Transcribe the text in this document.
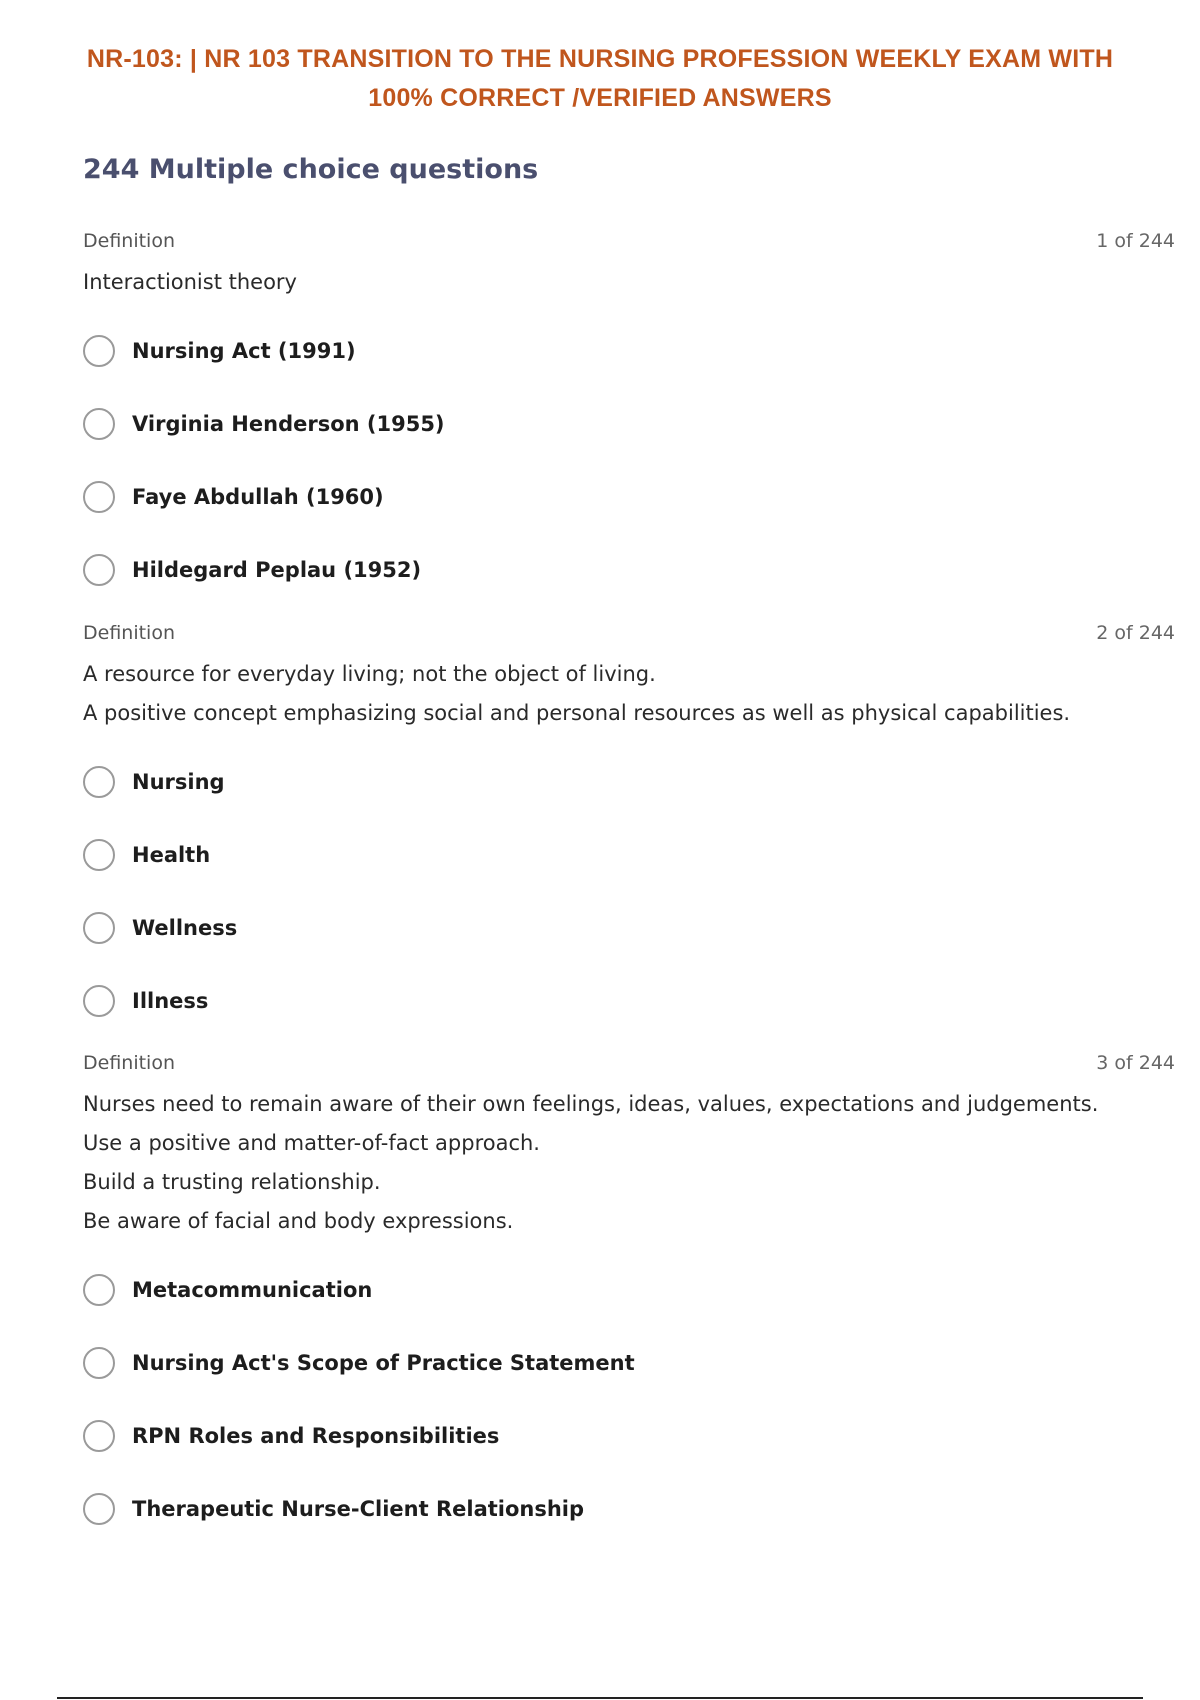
NR-103: | NR 103 TRANSITION TO THE NURSING PROFESSION WEEKLY EXAM WITH
100% CORRECT /VERIFIED ANSWERS
244 Multiple choice questions
Definition	1 of 244
Interactionist theory
Nursing Act (1991)
Virginia Henderson (1955)
Faye Abdullah (1960)
Hildegard Peplau (1952)
Definition	2 of 244
A resource for everyday living; not the object of living.
A positive concept emphasizing social and personal resources as well as physical capabilities.
Nursing
Health
Wellness
Illness
Definition	3 of 244
Nurses need to remain aware of their own feelings, ideas, values, expectations and judgements.
Use a positive and matter-of-fact approach.
Build a trusting relationship.
Be aware of facial and body expressions.
Metacommunication
Nursing Act's Scope of Practice Statement
RPN Roles and Responsibilities
Therapeutic Nurse-Client Relationship
